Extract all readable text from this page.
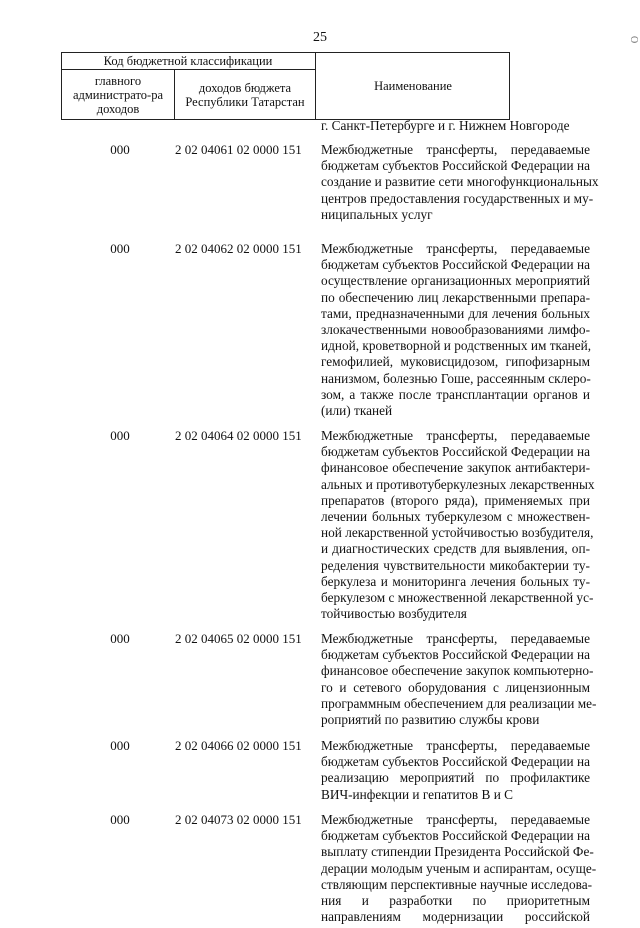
25	О
Код бюджетной классификации
главного администрато-ра доходов
доходов бюджета Республики Татарстан
Наименование
г. Санкт-Петербурге и г. Нижнем Новгороде
000	2 02 04061 02 0000 151	Межбюджетные трансферты, передаваемые
бюджетам субъектов Российской Федерации на
создание и развитие сети многофункциональных
центров предоставления государственных и му-
ниципальных услуг
000	2 02 04062 02 0000 151	Межбюджетные трансферты, передаваемые
бюджетам субъектов Российской Федерации на
осуществление организационных мероприятий
по обеспечению лиц лекарственными препара-
тами, предназначенными для лечения больных
злокачественными новообразованиями лимфо-
идной, кроветворной и родственных им тканей,
гемофилией, муковисцидозом, гипофизарным
нанизмом, болезнью Гоше, рассеянным склеро-
зом, а также после трансплантации органов и
(или) тканей
000	2 02 04064 02 0000 151	Межбюджетные трансферты, передаваемые
бюджетам субъектов Российской Федерации на
финансовое обеспечение закупок антибактери-
альных и противотуберкулезных лекарственных
препаратов (второго ряда), применяемых при
лечении больных туберкулезом с множествен-
ной лекарственной устойчивостью возбудителя,
и диагностических средств для выявления, оп-
ределения чувствительности микобактерии ту-
беркулеза и мониторинга лечения больных ту-
беркулезом с множественной лекарственной ус-
тойчивостью возбудителя
000	2 02 04065 02 0000 151	Межбюджетные трансферты, передаваемые
бюджетам субъектов Российской Федерации на
финансовое обеспечение закупок компьютерно-
го и сетевого оборудования с лицензионным
программным обеспечением для реализации ме-
роприятий по развитию службы крови
000	2 02 04066 02 0000 151	Межбюджетные трансферты, передаваемые
бюджетам субъектов Российской Федерации на
реализацию мероприятий по профилактике
ВИЧ-инфекции и гепатитов В и С
000	2 02 04073 02 0000 151	Межбюджетные трансферты, передаваемые
бюджетам субъектов Российской Федерации на
выплату стипендии Президента Российской Фе-
дерации молодым ученым и аспирантам, осуще-
ствляющим перспективные научные исследова-
ния и разработки по приоритетным
направлениям модернизации российской
